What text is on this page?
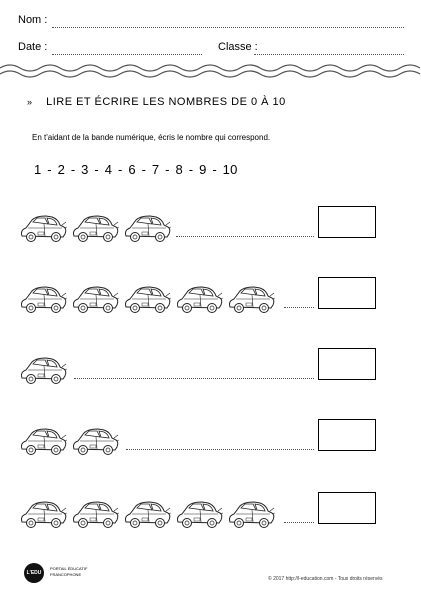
Nom :
Date :	Classe :
» LIRE ET ÉCRIRE LES NOMBRES DE 0 À 10
En t'aidant de la bande numérique, écris le nombre qui correspond.
1 - 2 - 3 - 4 - 6 - 7 - 8 - 9 - 10
L'EDU
PORTAIL ÉDUCATIF
FRANCOPHONE
© 2017 http://l-education.com - Tous droits réservés
